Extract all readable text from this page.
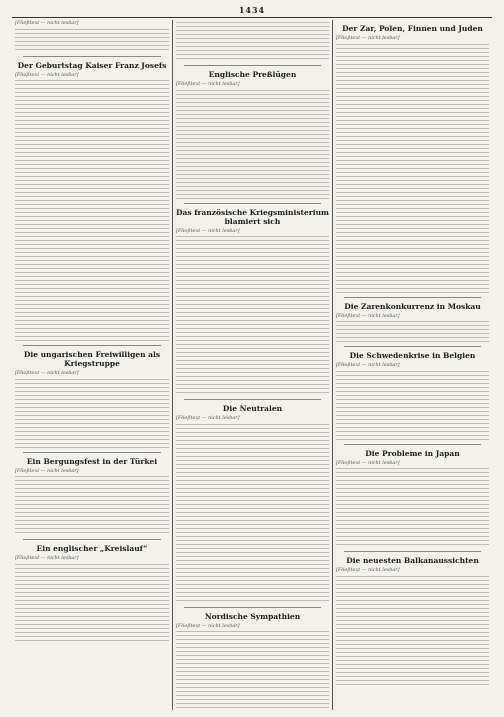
1434

[Fließtext — nicht lesbar]

Der Geburtstag Kaiser Franz Josefs

[Fließtext — nicht lesbar]

Die ungarischen Freiwilligen als Kriegstruppe

[Fließtext — nicht lesbar]

Ein Bergungsfest in der Türkei

[Fließtext — nicht lesbar]

Ein englischer „Kreislauf“

[Fließtext — nicht lesbar]

Englische Preßlügen

[Fließtext — nicht lesbar]

Das französische Kriegsministerium blamiert sich

[Fließtext — nicht lesbar]

Die Neutralen

[Fließtext — nicht lesbar]

Nordische Sympathien

[Fließtext — nicht lesbar]

Der Zar, Polen, Finnen und Juden

[Fließtext — nicht lesbar]

Die Zarenkonkurrenz in Moskau

[Fließtext — nicht lesbar]

Die Schwedenkrise in Belgien

[Fließtext — nicht lesbar]

Die Probleme in Japan

[Fließtext — nicht lesbar]

Die neuesten Balkanaussichten

[Fließtext — nicht lesbar]
